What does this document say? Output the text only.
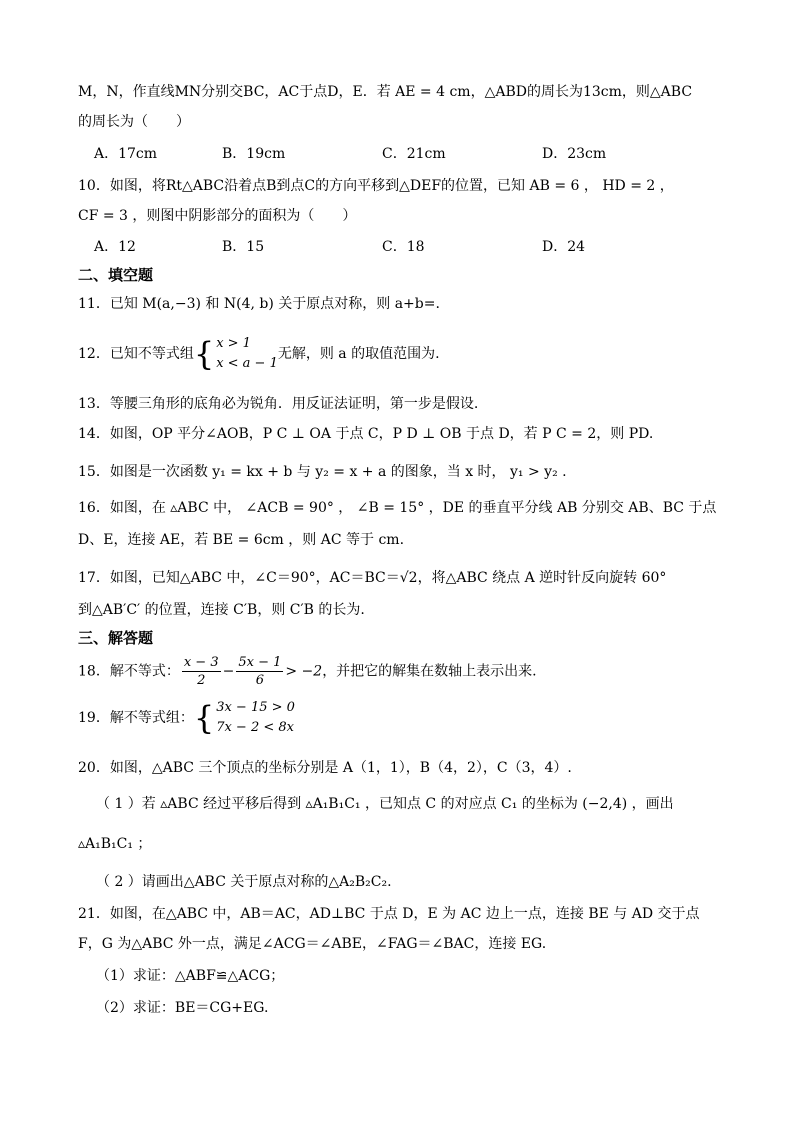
M，N，作直线MN分别交BC，AC于点D，E．若 AE = 4 cm，△ABD的周长为13cm，则△ABC
的周长为（　　）
A．17cm	B．19cm	C．21cm	D．23cm
10．如图，将Rt△ABC沿着点B到点C的方向平移到△DEF的位置，已知 AB = 6 ， HD = 2 ，
CF = 3 ，则图中阴影部分的面积为（　　）
A．12	B．15	C．18	D．24
二、填空题
11．已知 M(a,−3) 和 N(4, b) 关于原点对称，则 a+b=.
12．已知不等式组{ x > 1
x < a − 1
无解，则 a 的取值范围为.
13．等腰三角形的底角必为锐角．用反证法证明，第一步是假设.
14．如图，OP 平分∠AOB，P C ⊥ OA 于点 C，P D ⊥ OB 于点 D，若 P C = 2，则 PD.
15．如图是一次函数 y₁ = kx + b 与 y₂ = x + a 的图象，当 x 时， y₁ > y₂ .
16．如图，在 ▵ABC 中， ∠ACB = 90° ， ∠B = 15° ，DE 的垂直平分线 AB 分别交 AB、BC 于点
D、E，连接 AE，若 BE = 6cm ，则 AC 等于 cm.
17．如图，已知△ABC 中，∠C＝90°，AC＝BC＝√2，将△ABC 绕点 A 逆时针反向旋转 60°
到△AB′C′ 的位置，连接 C′B，则 C′B 的长为.
三、解答题
18．解不等式： $\frac{x - 3}{2} - \frac{5x - 1}{6} > -2$，并把它的解集在数轴上表示出来.
19．解不等式组：{ 3x − 15 > 0
7x − 2 < 8x
20．如图，△ABC 三个顶点的坐标分别是 A（1，1），B（4，2），C（3，4）.
（ 1 ）若 ▵ABC 经过平移后得到 ▵A₁B₁C₁ ，已知点 C 的对应点 C₁ 的坐标为 (−2,4) ，画出
▵A₁B₁C₁ ；
（ 2 ）请画出△ABC 关于原点对称的△A₂B₂C₂.
21．如图，在△ABC 中，AB＝AC，AD⊥BC 于点 D，E 为 AC 边上一点，连接 BE 与 AD 交于点
F，G 为△ABC 外一点，满足∠ACG＝∠ABE，∠FAG＝∠BAC，连接 EG.
（1）求证：△ABF≌△ACG；
（2）求证：BE＝CG+EG.
